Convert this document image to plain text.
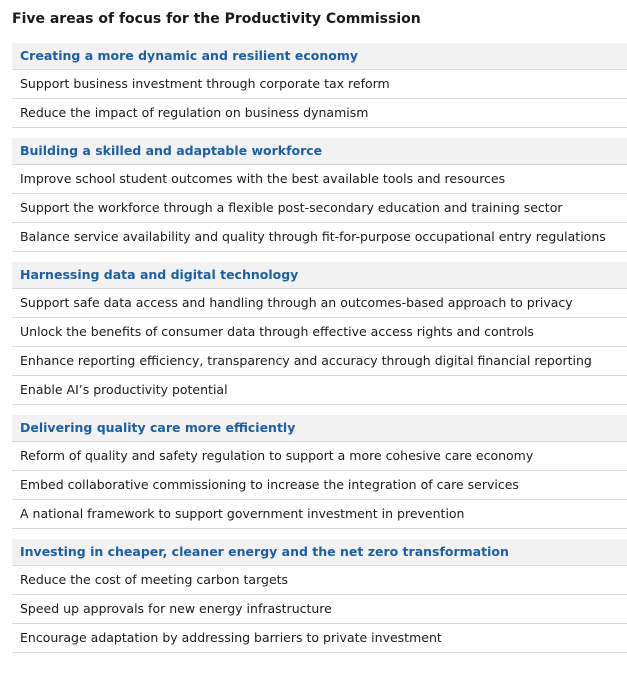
Five areas of focus for the Productivity Commission
Creating a more dynamic and resilient economy
Support business investment through corporate tax reform
Reduce the impact of regulation on business dynamism
Building a skilled and adaptable workforce
Improve school student outcomes with the best available tools and resources
Support the workforce through a flexible post-secondary education and training sector
Balance service availability and quality through fit-for-purpose occupational entry regulations
Harnessing data and digital technology
Support safe data access and handling through an outcomes-based approach to privacy
Unlock the benefits of consumer data through effective access rights and controls
Enhance reporting efficiency, transparency and accuracy through digital financial reporting
Enable AI’s productivity potential
Delivering quality care more efficiently
Reform of quality and safety regulation to support a more cohesive care economy
Embed collaborative commissioning to increase the integration of care services
A national framework to support government investment in prevention
Investing in cheaper, cleaner energy and the net zero transformation
Reduce the cost of meeting carbon targets
Speed up approvals for new energy infrastructure
Encourage adaptation by addressing barriers to private investment
